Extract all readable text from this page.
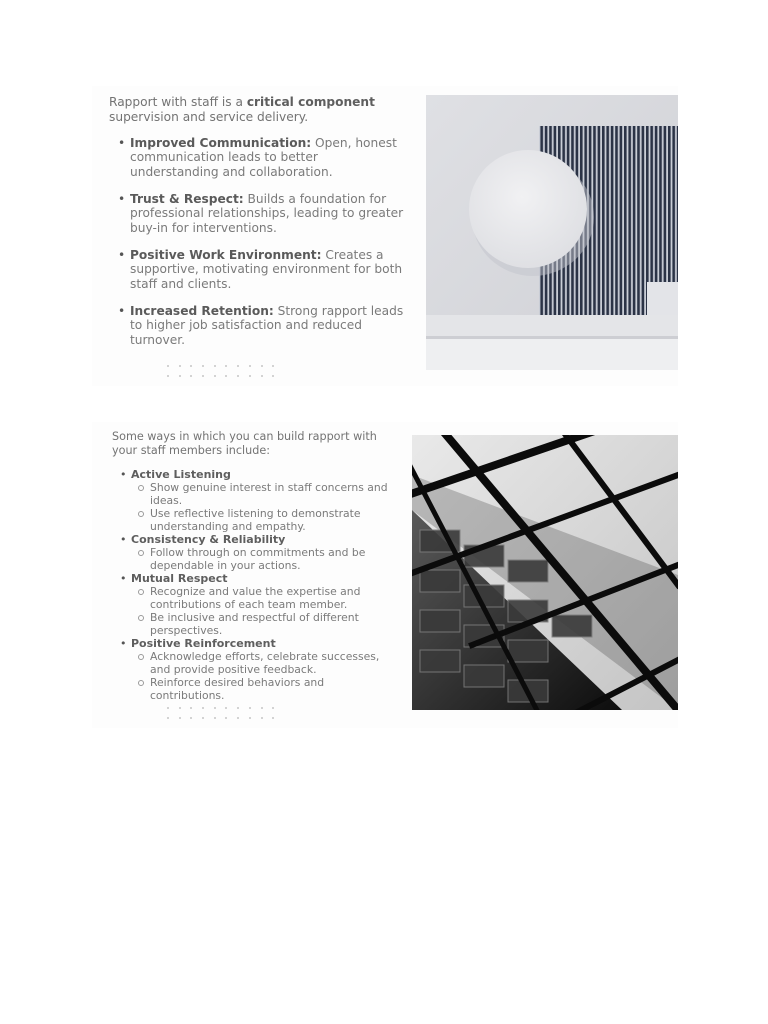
Rapport with staff is a critical component supervision and service delivery.
• Improved Communication: Open, honest communication leads to better understanding and collaboration.
• Trust & Respect: Builds a foundation for professional relationships, leading to greater buy-in for interventions.
• Positive Work Environment: Creates a supportive, motivating environment for both staff and clients.
• Increased Retention: Strong rapport leads to higher job satisfaction and reduced turnover.
Some ways in which you can build rapport with your staff members include:
• Active Listening
Show genuine interest in staff concerns and ideas.
Use reflective listening to demonstrate understanding and empathy.
• Consistency & Reliability
Follow through on commitments and be dependable in your actions.
• Mutual Respect
Recognize and value the expertise and contributions of each team member.
Be inclusive and respectful of different perspectives.
• Positive Reinforcement
Acknowledge efforts, celebrate successes, and provide positive feedback.
Reinforce desired behaviors and contributions.
